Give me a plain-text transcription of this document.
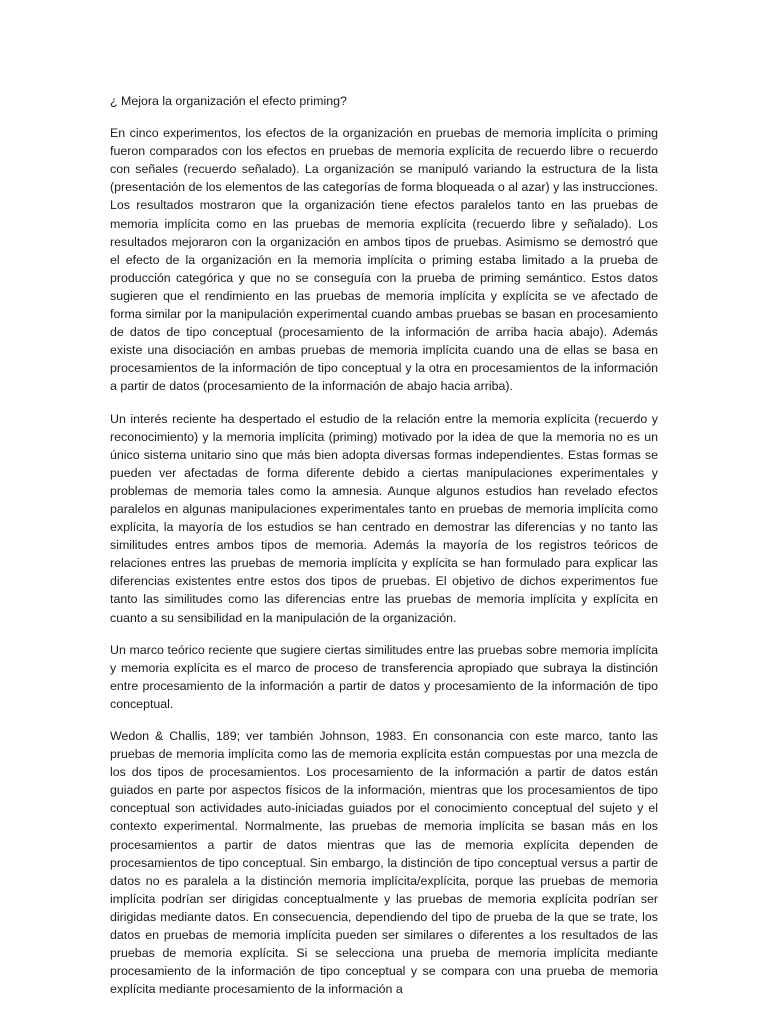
¿ Mejora la organización el efecto priming?

En cinco experimentos, los efectos de la organización en pruebas de memoria implícita o priming fueron comparados con los efectos en pruebas de memoria explícita de recuerdo libre o recuerdo con señales (recuerdo señalado). La organización se manipuló variando la estructura de la lista (presentación de los elementos de las categorías de forma bloqueada o al azar) y las instrucciones. Los resultados mostraron que la organización tiene efectos paralelos tanto en las pruebas de memoria implícita como en las pruebas de memoria explícita (recuerdo libre y señalado). Los resultados mejoraron con la organización en ambos tipos de pruebas. Asimismo se demostró que el efecto de la organización en la memoria implícita o priming estaba limitado a la prueba de producción categórica y que no se conseguía con la prueba de priming semántico. Estos datos sugieren que el rendimiento en las pruebas de memoria implícita y explícita se ve afectado de forma similar por la manipulación experimental cuando ambas pruebas se basan en procesamiento de datos de tipo conceptual (procesamiento de la información de arriba hacia abajo). Además existe una disociación en ambas pruebas de memoria implícita cuando una de ellas se basa en procesamientos de la información de tipo conceptual y la otra en procesamientos de la información a partir de datos (procesamiento de la información de abajo hacia arriba).

Un interés reciente ha despertado el estudio de la relación entre la memoria explícita (recuerdo y reconocimiento) y la memoria implícita (priming) motivado por la idea de que la memoria no es un único sistema unitario sino que más bien adopta diversas formas independientes. Estas formas se pueden ver afectadas de forma diferente debido a ciertas manipulaciones experimentales y problemas de memoria tales como la amnesia. Aunque algunos estudios han revelado efectos paralelos en algunas manipulaciones experimentales tanto en pruebas de memoria implícita como explícita, la mayoría de los estudios se han centrado en demostrar las diferencias y no tanto las similitudes entres ambos tipos de memoria. Además la mayoría de los registros teóricos de relaciones entres las pruebas de memoria implícita y explícita se han formulado para explicar las diferencias existentes entre estos dos tipos de pruebas. El objetivo de dichos experimentos fue tanto las similitudes como las diferencias entre las pruebas de memoria implícita y explícita en cuanto a su sensibilidad en la manipulación de la organización.

Un marco teórico reciente que sugiere ciertas similitudes entre las pruebas sobre memoria implícita y memoria explícita es el marco de proceso de transferencia apropiado que subraya la distinción entre procesamiento de la información a partir de datos y procesamiento de la información de tipo conceptual.

Wedon & Challis, 189; ver también Johnson, 1983. En consonancia con este marco, tanto las pruebas de memoria implícita como las de memoria explícita están compuestas por una mezcla de los dos tipos de procesamientos. Los procesamiento de la información a partir de datos están guiados en parte por aspectos físicos de la información, mientras que los procesamientos de tipo conceptual son actividades auto-iniciadas guiados por el conocimiento conceptual del sujeto y el contexto experimental. Normalmente, las pruebas de memoria implícita se basan más en los procesamientos a partir de datos mientras que las de memoria explícita dependen de procesamientos de tipo conceptual. Sin embargo, la distinción de tipo conceptual versus a partir de datos no es paralela a la distinción memoria implícita/explícita, porque las pruebas de memoria implícita podrían ser dirigidas conceptualmente y las pruebas de memoria explícita podrían ser dirigidas mediante datos. En consecuencia, dependiendo del tipo de prueba de la que se trate, los datos en pruebas de memoria implícita pueden ser similares o diferentes a los resultados de las pruebas de memoria explícita. Si se selecciona una prueba de memoria implícita mediante procesamiento de la información de tipo conceptual y se compara con una prueba de memoria explícita mediante procesamiento de la información a
